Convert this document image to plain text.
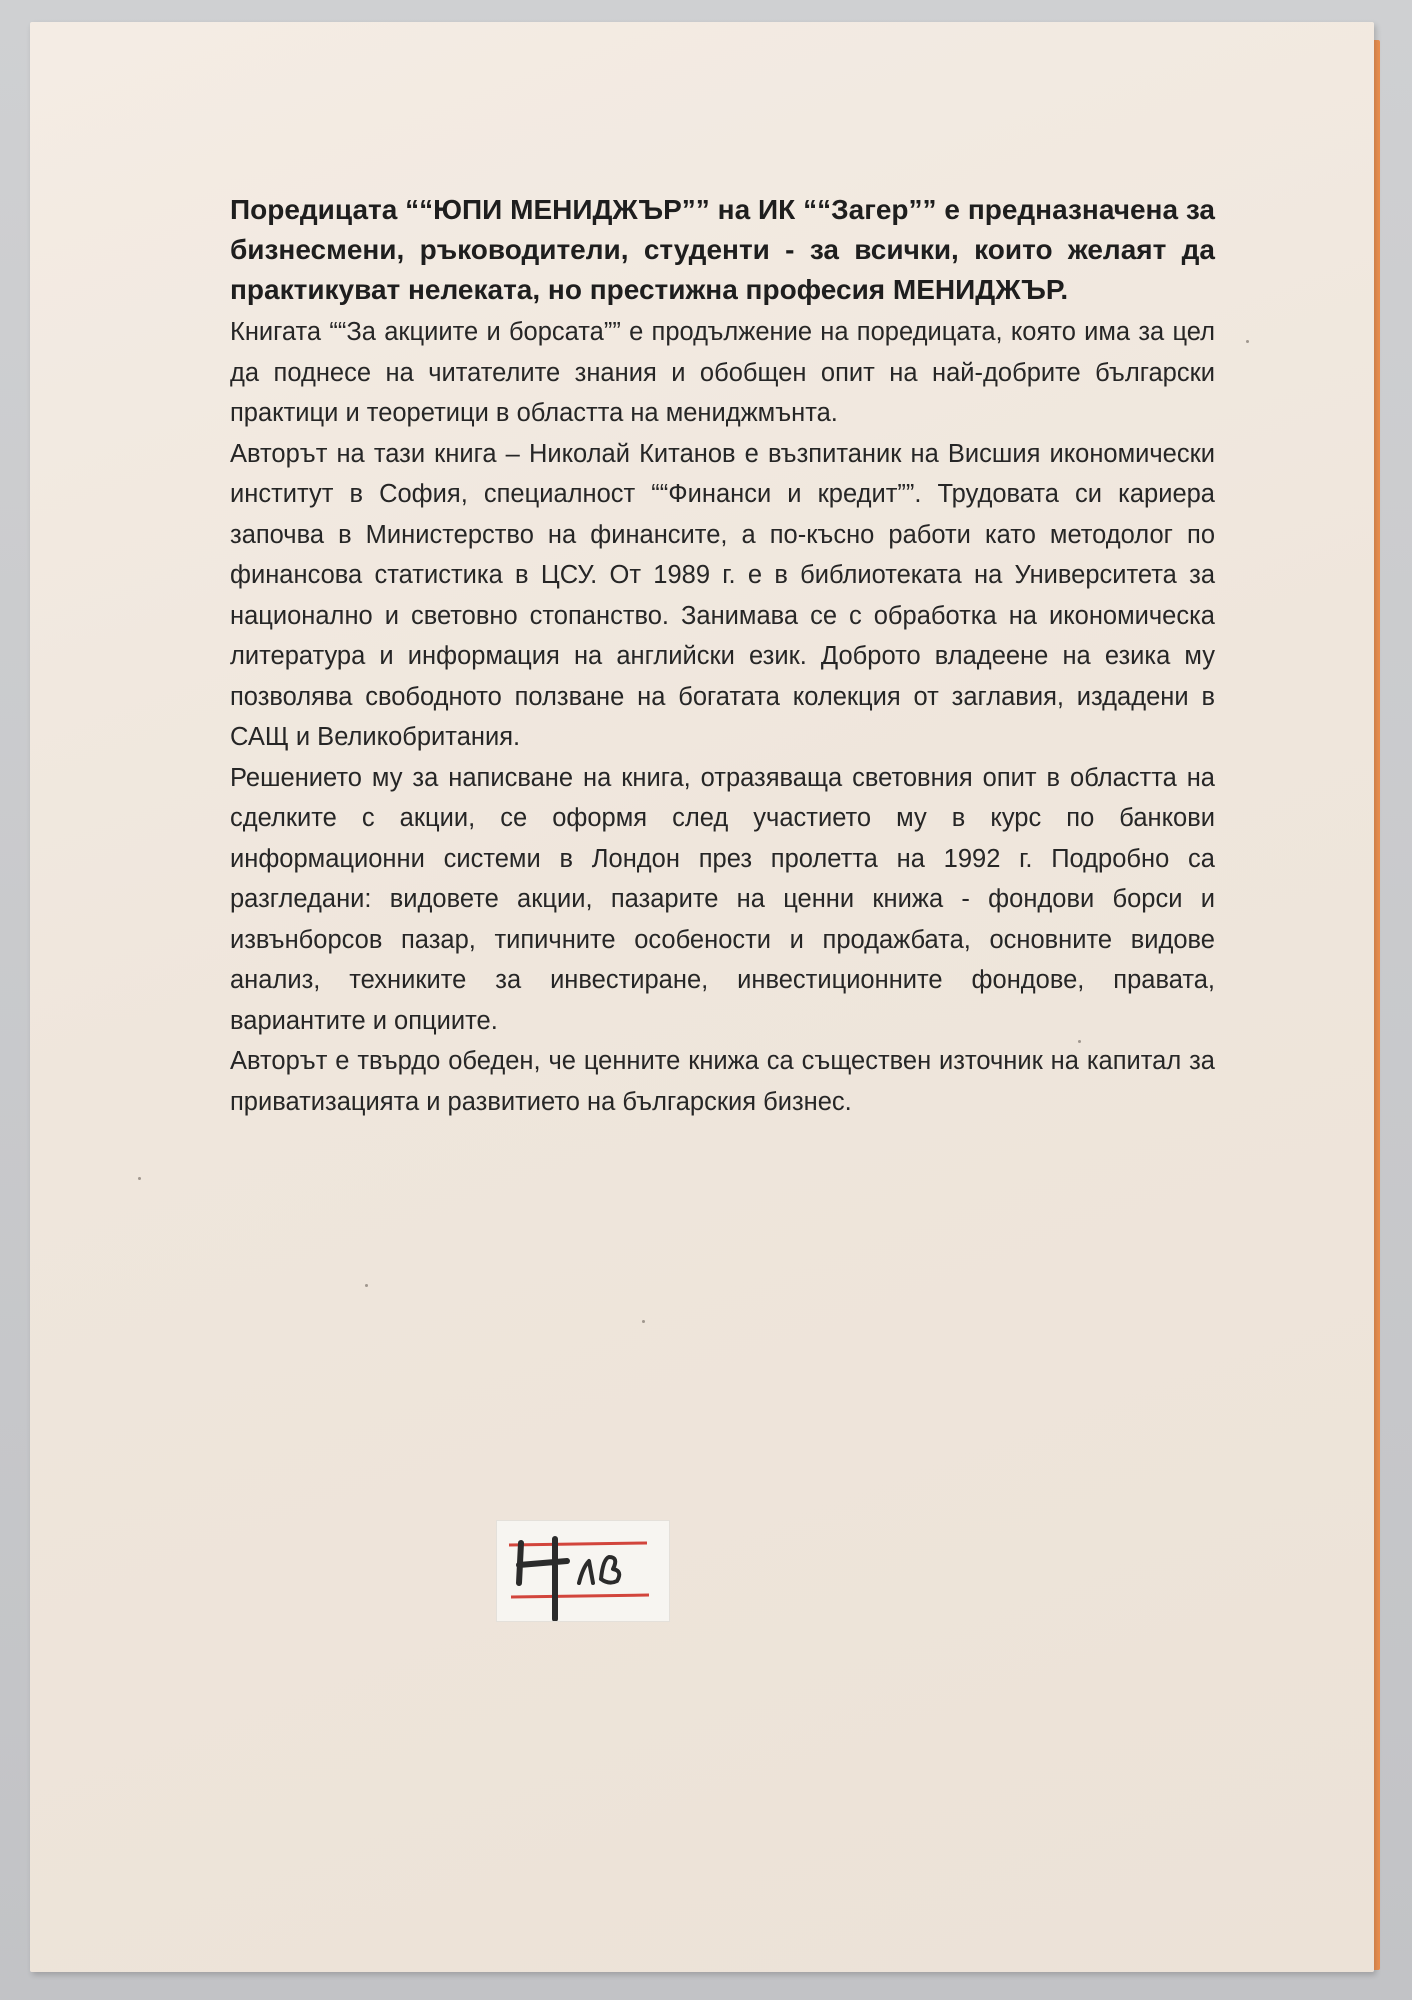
Поредицата ““ЮПИ МЕНИДЖЪР”” на ИК ““Загер”” е предназначена за бизнесмени, ръководители, студенти - за всички, които желаят да практикуват нелеката, но престижна професия МЕНИДЖЪР.

Книгата ““За акциите и борсата”” е продължение на поредицата, която има за цел да поднесе на читателите знания и обобщен опит на най-добрите български практици и теоретици в областта на мениджмънта.

Авторът на тази книга – Николай Китанов е възпитаник на Висшия икономически институт в София, специалност ““Финанси и кредит””. Трудовата си кариера започва в Министерство на финансите, а по-късно работи като методолог по финансова статистика в ЦСУ. От 1989 г. е в библиотеката на Университета за национално и световно стопанство. Занимава се с обработка на икономическа литература и информация на английски език. Доброто владеене на езика му позволява свободното ползване на богатата колекция от заглавия, издадени в САЩ и Великобритания.

Решението му за написване на книга, отразяваща световния опит в областта на сделките с акции, се оформя след участието му в курс по банкови информационни системи в Лондон през пролетта на 1992 г. Подробно са разгледани: видовете акции, пазарите на ценни книжа - фондови борси и извънборсов пазар, типичните особености и продажбата, основните видове анализ, техниките за инвестиране, инвестиционните фондове, правата, вариантите и опциите.

Авторът е твърдо обеден, че ценните книжа са съществен източник на капитал за приватизацията и развитието на българския бизнес.
